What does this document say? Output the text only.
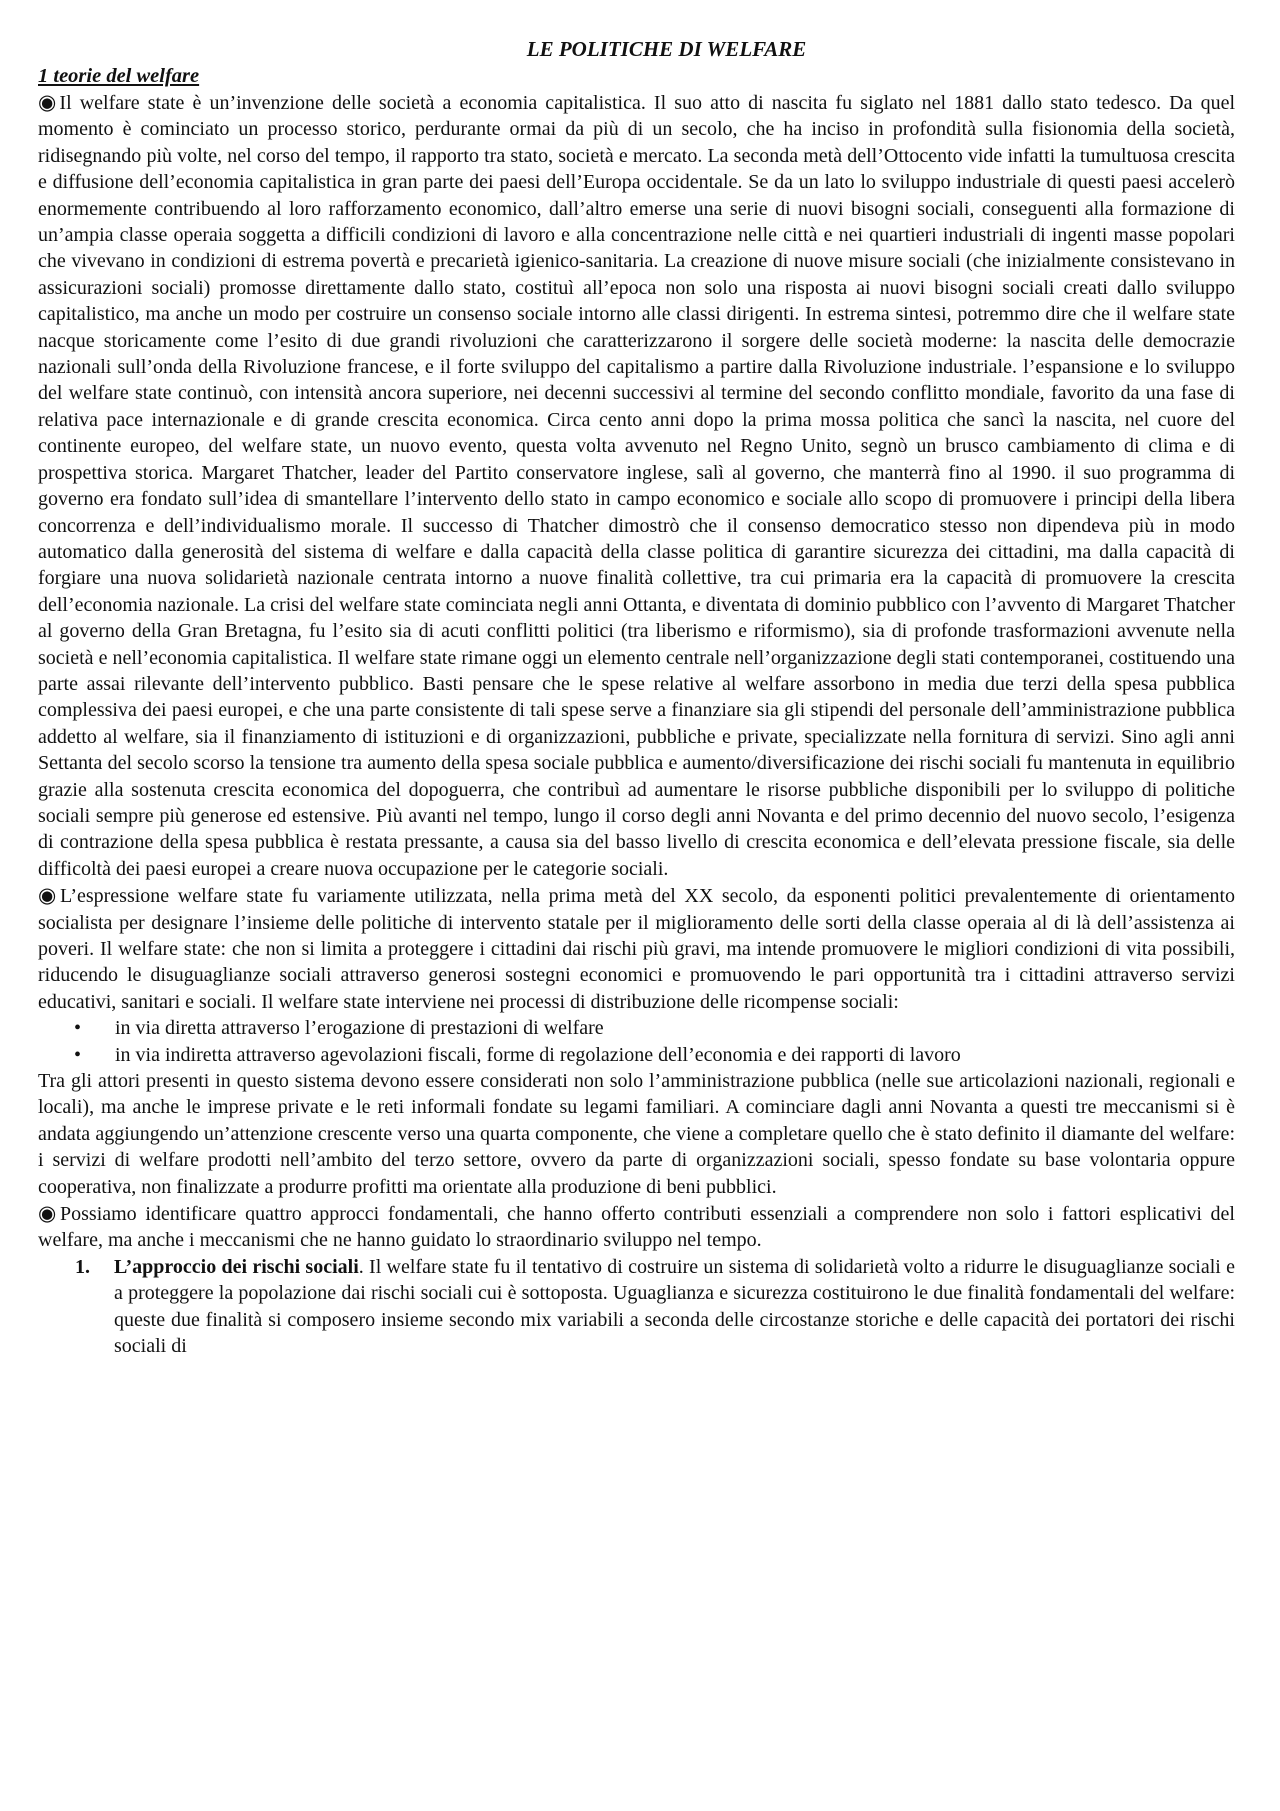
LE POLITICHE DI WELFARE

1 teorie del welfare

◉Il welfare state è un’invenzione delle società a economia capitalistica. Il suo atto di nascita fu siglato nel 1881 dallo stato tedesco. Da quel momento è cominciato un processo storico, perdurante ormai da più di un secolo, che ha inciso in profondità sulla fisionomia della società, ridisegnando più volte, nel corso del tempo, il rapporto tra stato, società e mercato. La seconda metà dell’Ottocento vide infatti la tumultuosa crescita e diffusione dell’economia capitalistica in gran parte dei paesi dell’Europa occidentale. Se da un lato lo sviluppo industriale di questi paesi accelerò enormemente contribuendo al loro rafforzamento economico, dall’altro emerse una serie di nuovi bisogni sociali, conseguenti alla formazione di un’ampia classe operaia soggetta a difficili condizioni di lavoro e alla concentrazione nelle città e nei quartieri industriali di ingenti masse popolari che vivevano in condizioni di estrema povertà e precarietà igienico-sanitaria. La creazione di nuove misure sociali (che inizialmente consistevano in assicurazioni sociali) promosse direttamente dallo stato, costituì all’epoca non solo una risposta ai nuovi bisogni sociali creati dallo sviluppo capitalistico, ma anche un modo per costruire un consenso sociale intorno alle classi dirigenti. In estrema sintesi, potremmo dire che il welfare state nacque storicamente come l’esito di due grandi rivoluzioni che caratterizzarono il sorgere delle società moderne: la nascita delle democrazie nazionali sull’onda della Rivoluzione francese, e il forte sviluppo del capitalismo a partire dalla Rivoluzione industriale. l’espansione e lo sviluppo del welfare state continuò, con intensità ancora superiore, nei decenni successivi al termine del secondo conflitto mondiale, favorito da una fase di relativa pace internazionale e di grande crescita economica. Circa cento anni dopo la prima mossa politica che sancì la nascita, nel cuore del continente europeo, del welfare state, un nuovo evento, questa volta avvenuto nel Regno Unito, segnò un brusco cambiamento di clima e di prospettiva storica. Margaret Thatcher, leader del Partito conservatore inglese, salì al governo, che manterrà fino al 1990. il suo programma di governo era fondato sull’idea di smantellare l’intervento dello stato in campo economico e sociale allo scopo di promuovere i principi della libera concorrenza e dell’individualismo morale. Il successo di Thatcher dimostrò che il consenso democratico stesso non dipendeva più in modo automatico dalla generosità del sistema di welfare e dalla capacità della classe politica di garantire sicurezza dei cittadini, ma dalla capacità di forgiare una nuova solidarietà nazionale centrata intorno a nuove finalità collettive, tra cui primaria era la capacità di promuovere la crescita dell’economia nazionale. La crisi del welfare state cominciata negli anni Ottanta, e diventata di dominio pubblico con l’avvento di Margaret Thatcher al governo della Gran Bretagna, fu l’esito sia di acuti conflitti politici (tra liberismo e riformismo), sia di profonde trasformazioni avvenute nella società e nell’economia capitalistica. Il welfare state rimane oggi un elemento centrale nell’organizzazione degli stati contemporanei, costituendo una parte assai rilevante dell’intervento pubblico. Basti pensare che le spese relative al welfare assorbono in media due terzi della spesa pubblica complessiva dei paesi europei, e che una parte consistente di tali spese serve a finanziare sia gli stipendi del personale dell’amministrazione pubblica addetto al welfare, sia il finanziamento di istituzioni e di organizzazioni, pubbliche e private, specializzate nella fornitura di servizi. Sino agli anni Settanta del secolo scorso la tensione tra aumento della spesa sociale pubblica e aumento/diversificazione dei rischi sociali fu mantenuta in equilibrio grazie alla sostenuta crescita economica del dopoguerra, che contribuì ad aumentare le risorse pubbliche disponibili per lo sviluppo di politiche sociali sempre più generose ed estensive. Più avanti nel tempo, lungo il corso degli anni Novanta e del primo decennio del nuovo secolo, l’esigenza di contrazione della spesa pubblica è restata pressante, a causa sia del basso livello di crescita economica e dell’elevata pressione fiscale, sia delle difficoltà dei paesi europei a creare nuova occupazione per le categorie sociali.

◉L’espressione welfare state fu variamente utilizzata, nella prima metà del XX secolo, da esponenti politici prevalentemente di orientamento socialista per designare l’insieme delle politiche di intervento statale per il miglioramento delle sorti della classe operaia al di là dell’assistenza ai poveri. Il welfare state: che non si limita a proteggere i cittadini dai rischi più gravi, ma intende promuovere le migliori condizioni di vita possibili, riducendo le disuguaglianze sociali attraverso generosi sostegni economici e promuovendo le pari opportunità tra i cittadini attraverso servizi educativi, sanitari e sociali. Il welfare state interviene nei processi di distribuzione delle ricompense sociali:

• in via diretta attraverso l’erogazione di prestazioni di welfare
• in via indiretta attraverso agevolazioni fiscali, forme di regolazione dell’economia e dei rapporti di lavoro

Tra gli attori presenti in questo sistema devono essere considerati non solo l’amministrazione pubblica (nelle sue articolazioni nazionali, regionali e locali), ma anche le imprese private e le reti informali fondate su legami familiari. A cominciare dagli anni Novanta a questi tre meccanismi si è andata aggiungendo un’attenzione crescente verso una quarta componente, che viene a completare quello che è stato definito il diamante del welfare: i servizi di welfare prodotti nell’ambito del terzo settore, ovvero da parte di organizzazioni sociali, spesso fondate su base volontaria oppure cooperativa, non finalizzate a produrre profitti ma orientate alla produzione di beni pubblici.

◉Possiamo identificare quattro approcci fondamentali, che hanno offerto contributi essenziali a comprendere non solo i fattori esplicativi del welfare, ma anche i meccanismi che ne hanno guidato lo straordinario sviluppo nel tempo.

1. L’approccio dei rischi sociali. Il welfare state fu il tentativo di costruire un sistema di solidarietà volto a ridurre le disuguaglianze sociali e a proteggere la popolazione dai rischi sociali cui è sottoposta. Uguaglianza e sicurezza costituirono le due finalità fondamentali del welfare: queste due finalità si composero insieme secondo mix variabili a seconda delle circostanze storiche e delle capacità dei portatori dei rischi sociali di
